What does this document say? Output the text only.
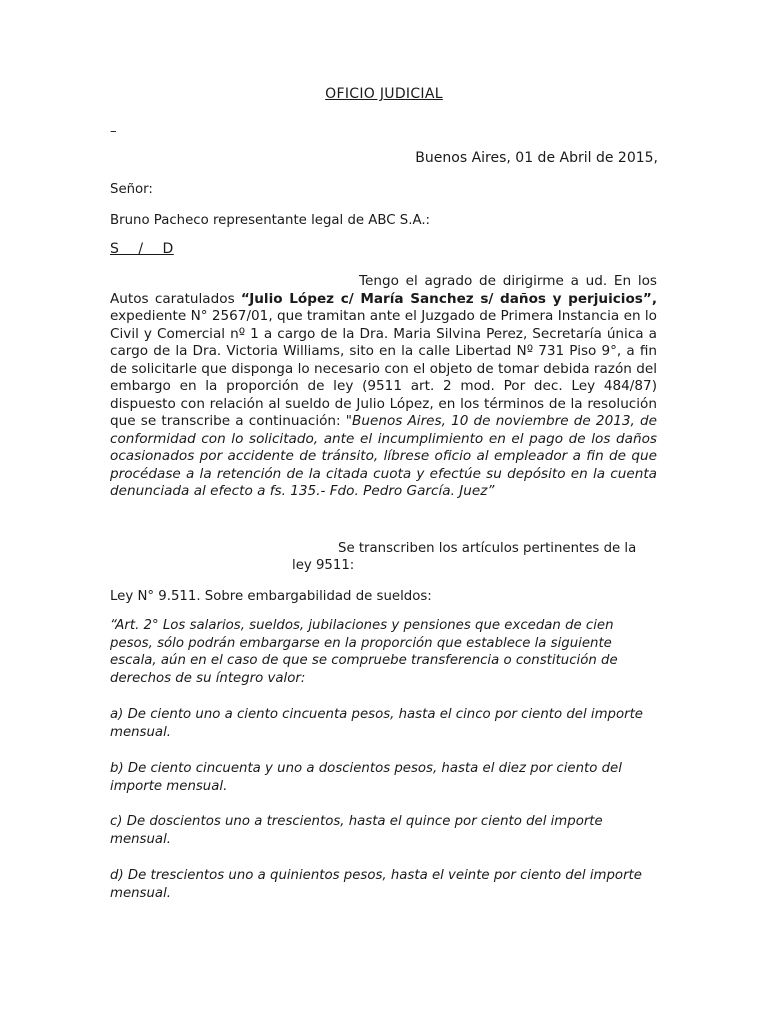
OFICIO JUDICIAL
–
Buenos Aires, 01 de Abril de 2015,
Señor:
Bruno Pacheco representante legal de ABC S.A.:
S / D
Tengo el agrado de dirigirme a ud. En los Autos caratulados “Julio López c/ María Sanchez s/ daños y perjuicios”, expediente N° 2567/01, que tramitan ante el Juzgado de Primera Instancia en lo Civil y Comercial nº 1 a cargo de la Dra. Maria Silvina Perez, Secretaría única a cargo de la Dra. Victoria Williams, sito en la calle Libertad Nº 731 Piso 9°, a fin de solicitarle que disponga lo necesario con el objeto de tomar debida razón del embargo en la proporción de ley (9511 art. 2 mod. Por dec. Ley 484/87) dispuesto con relación al sueldo de Julio López, en los términos de la resolución que se transcribe a continuación: "Buenos Aires, 10 de noviembre de 2013, de conformidad con lo solicitado, ante el incumplimiento en el pago de los daños ocasionados por accidente de tránsito, líbrese oficio al empleador a fin de que procédase a la retención de la citada cuota y efectúe su depósito en la cuenta denunciada al efecto a fs. 135.- Fdo. Pedro García. Juez”
Se transcriben los artículos pertinentes de la
ley 9511:
Ley N° 9.511. Sobre embargabilidad de sueldos:
“Art. 2° Los salarios, sueldos, jubilaciones y pensiones que excedan de cien pesos, sólo podrán embargarse en la proporción que establece la siguiente escala, aún en el caso de que se compruebe transferencia o constitución de derechos de su íntegro valor:
a) De ciento uno a ciento cincuenta pesos, hasta el cinco por ciento del importe mensual.
b) De ciento cincuenta y uno a doscientos pesos, hasta el diez por ciento del importe mensual.
c) De doscientos uno a trescientos, hasta el quince por ciento del importe mensual.
d) De trescientos uno a quinientos pesos, hasta el veinte por ciento del importe mensual.
